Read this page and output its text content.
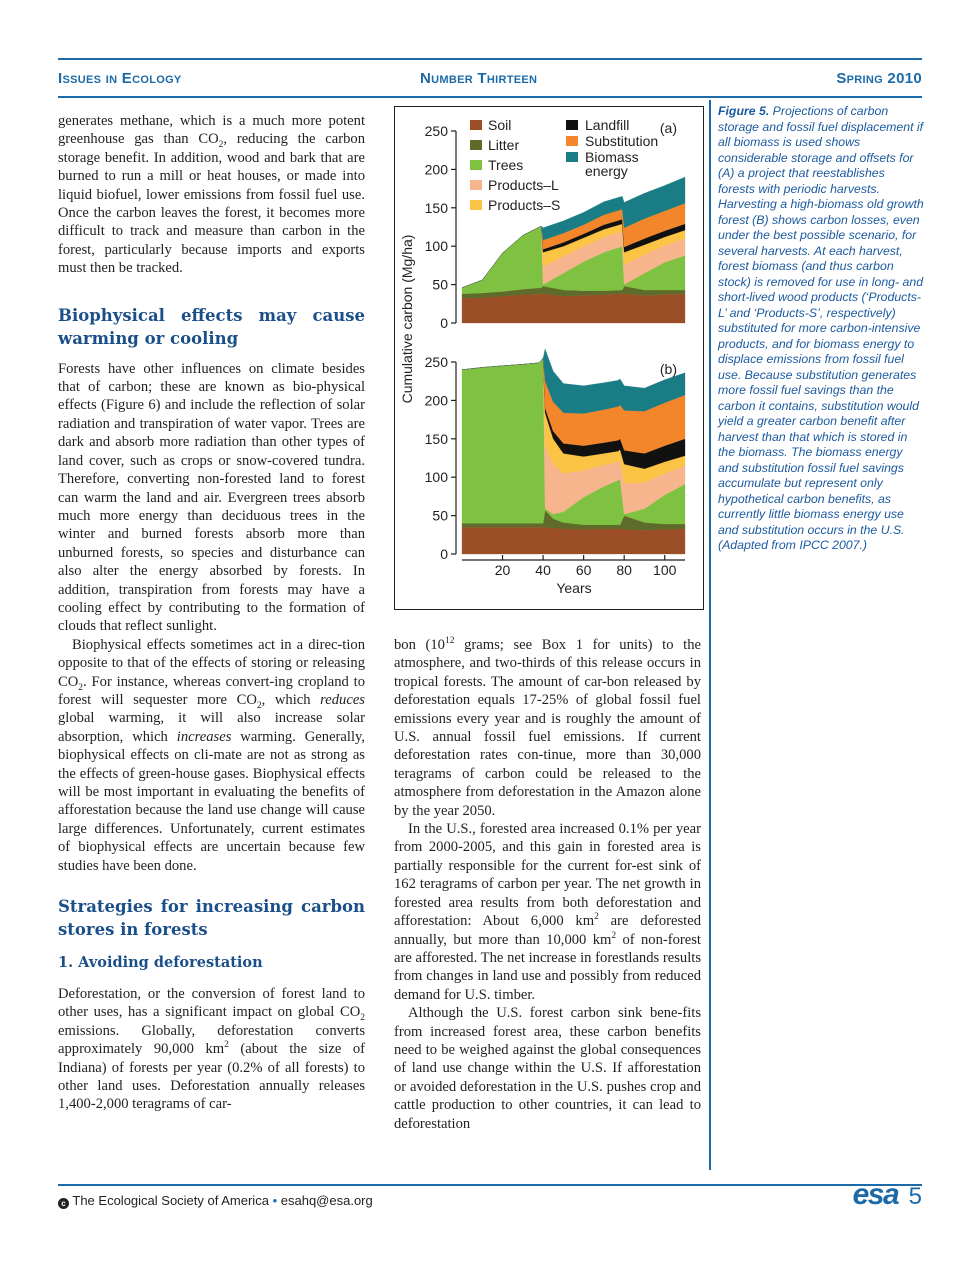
Issues in Ecology	Number Thirteen	Spring 2010

generates methane, which is a much more potent greenhouse gas than $CO_2$, reducing the carbon storage benefit. In addition, wood and bark that are burned to run a mill or heat houses, or made into liquid biofuel, lower emissions from fossil fuel use. Once the carbon leaves the forest, it becomes more difficult to track and measure than carbon in the forest, particularly because imports and exports must then be tracked.

Biophysical effects may cause warming or cooling

Forests have other influences on climate besides that of carbon; these are known as bio-physical effects (Figure 6) and include the reflection of solar radiation and transpiration of water vapor. Trees are dark and absorb more radiation than other types of land cover, such as crops or snow-covered tundra. Therefore, converting non-forested land to forest can warm the land and air. Evergreen trees absorb much more energy than deciduous trees in the winter and burned forests absorb more than unburned forests, so species and disturbance can also alter the energy absorbed by forests. In addition, transpiration from forests may have a cooling effect by contributing to the formation of clouds that reflect sunlight.

Biophysical effects sometimes act in a direc-tion opposite to that of the effects of storing or releasing $CO_2$. For instance, whereas convert-ing cropland to forest will sequester more $CO_2$, which reduces global warming, it will also increase solar absorption, which increases warming. Generally, biophysical effects on cli-mate are not as strong as the effects of green-house gases. Biophysical effects will be most important in evaluating the benefits of afforestation because the land use change will cause large differences. Unfortunately, current estimates of biophysical effects are uncertain because few studies have been done.

Strategies for increasing carbon stores in forests
1. Avoiding deforestation

Deforestation, or the conversion of forest land to other uses, has a significant impact on global $CO_2$ emissions. Globally, deforestation converts approximately 90,000 $km^2$ (about the size of Indiana) of forests per year (0.2% of all forests) to other land uses. Deforestation annually releases 1,400-2,000 teragrams of car-

0
50
100
150
200
250	(a)
0
50
100
150
200
250	(b)
20 40 60 80 100
Years
Cumulative carbon (Mg/ha)
Soil
Litter
Trees
Products–L
Products–S
Landfill
Substitution
Biomass energy

bon ($10^{12}$ grams; see Box 1 for units) to the atmosphere, and two-thirds of this release occurs in tropical forests. The amount of car-bon released by deforestation equals 17-25% of global fossil fuel emissions every year and is roughly the amount of U.S. annual fossil fuel emissions. If current deforestation rates con-tinue, more than 30,000 teragrams of carbon could be released to the atmosphere from deforestation in the Amazon alone by the year 2050.

In the U.S., forested area increased 0.1% per year from 2000-2005, and this gain in forested area is partially responsible for the current for-est sink of 162 teragrams of carbon per year. The net growth in forested area results from both deforestation and afforestation: About 6,000 $km^2$ are deforested annually, but more than 10,000 $km^2$ of non-forest are afforested. The net increase in forestlands results from changes in land use and possibly from reduced demand for U.S. timber.

Although the U.S. forest carbon sink bene-fits from increased forest area, these carbon benefits need to be weighed against the global consequences of land use change within the U.S. If afforestation or avoided deforestation in the U.S. pushes crop and cattle production to other countries, it can lead to deforestation

Figure 5. Projections of carbon storage and fossil fuel displacement if all biomass is used shows considerable storage and offsets for (A) a project that reestablishes forests with periodic harvests. Harvesting a high-biomass old growth forest (B) shows carbon losses, even under the best possible scenario, for several harvests. At each harvest, forest biomass (and thus carbon stock) is removed for use in long- and short-lived wood products (‘Products-L’ and ‘Products-S’, respectively) substituted for more carbon-intensive products, and for biomass energy to displace emissions from fossil fuel use. Because substitution generates more fossil fuel savings than the carbon it contains, substitution would yield a greater carbon benefit after harvest than that which is stored in the biomass. The biomass energy and substitution fossil fuel savings accumulate but represent only hypothetical carbon benefits, as currently little biomass energy use and substitution occurs in the U.S. (Adapted from IPCC 2007.)
c The Ecological Society of America • esahq@esa.org	esa 5
